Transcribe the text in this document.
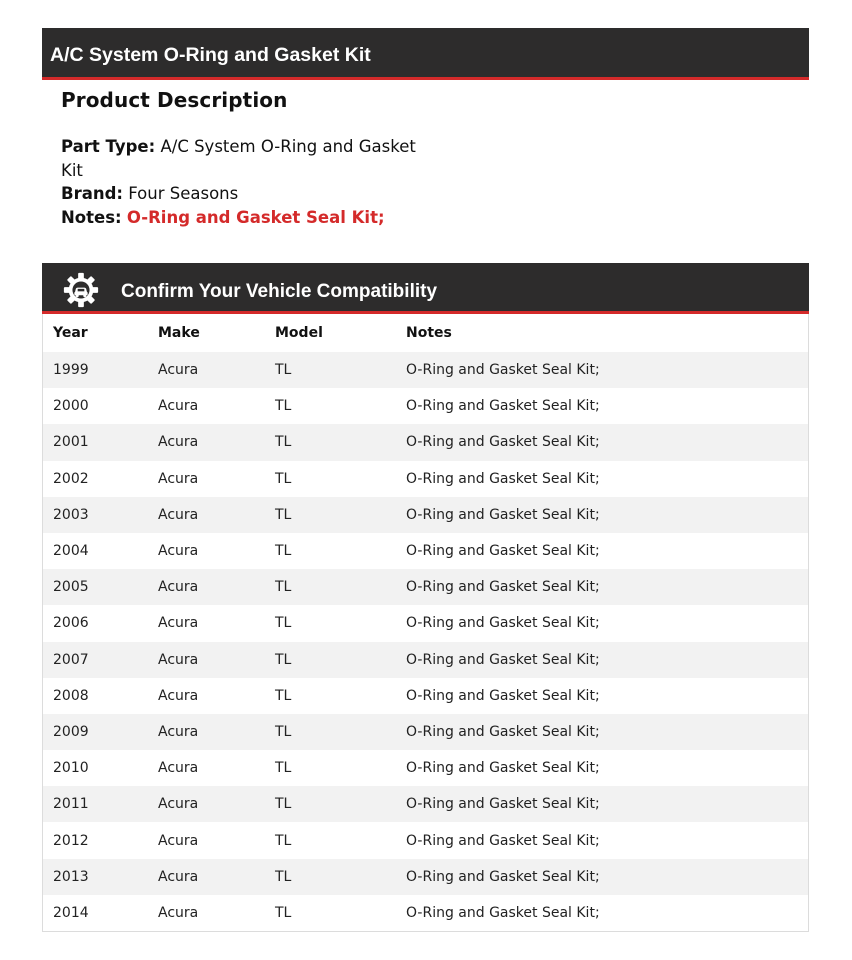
A/C System O-Ring and Gasket Kit
Product Description
Part Type: A/C System O-Ring and Gasket Kit
Brand: Four Seasons
Notes: O-Ring and Gasket Seal Kit;
Confirm Your Vehicle Compatibility
Year	Make	Model	Notes
1999	Acura	TL	O-Ring and Gasket Seal Kit;
2000	Acura	TL	O-Ring and Gasket Seal Kit;
2001	Acura	TL	O-Ring and Gasket Seal Kit;
2002	Acura	TL	O-Ring and Gasket Seal Kit;
2003	Acura	TL	O-Ring and Gasket Seal Kit;
2004	Acura	TL	O-Ring and Gasket Seal Kit;
2005	Acura	TL	O-Ring and Gasket Seal Kit;
2006	Acura	TL	O-Ring and Gasket Seal Kit;
2007	Acura	TL	O-Ring and Gasket Seal Kit;
2008	Acura	TL	O-Ring and Gasket Seal Kit;
2009	Acura	TL	O-Ring and Gasket Seal Kit;
2010	Acura	TL	O-Ring and Gasket Seal Kit;
2011	Acura	TL	O-Ring and Gasket Seal Kit;
2012	Acura	TL	O-Ring and Gasket Seal Kit;
2013	Acura	TL	O-Ring and Gasket Seal Kit;
2014	Acura	TL	O-Ring and Gasket Seal Kit;
